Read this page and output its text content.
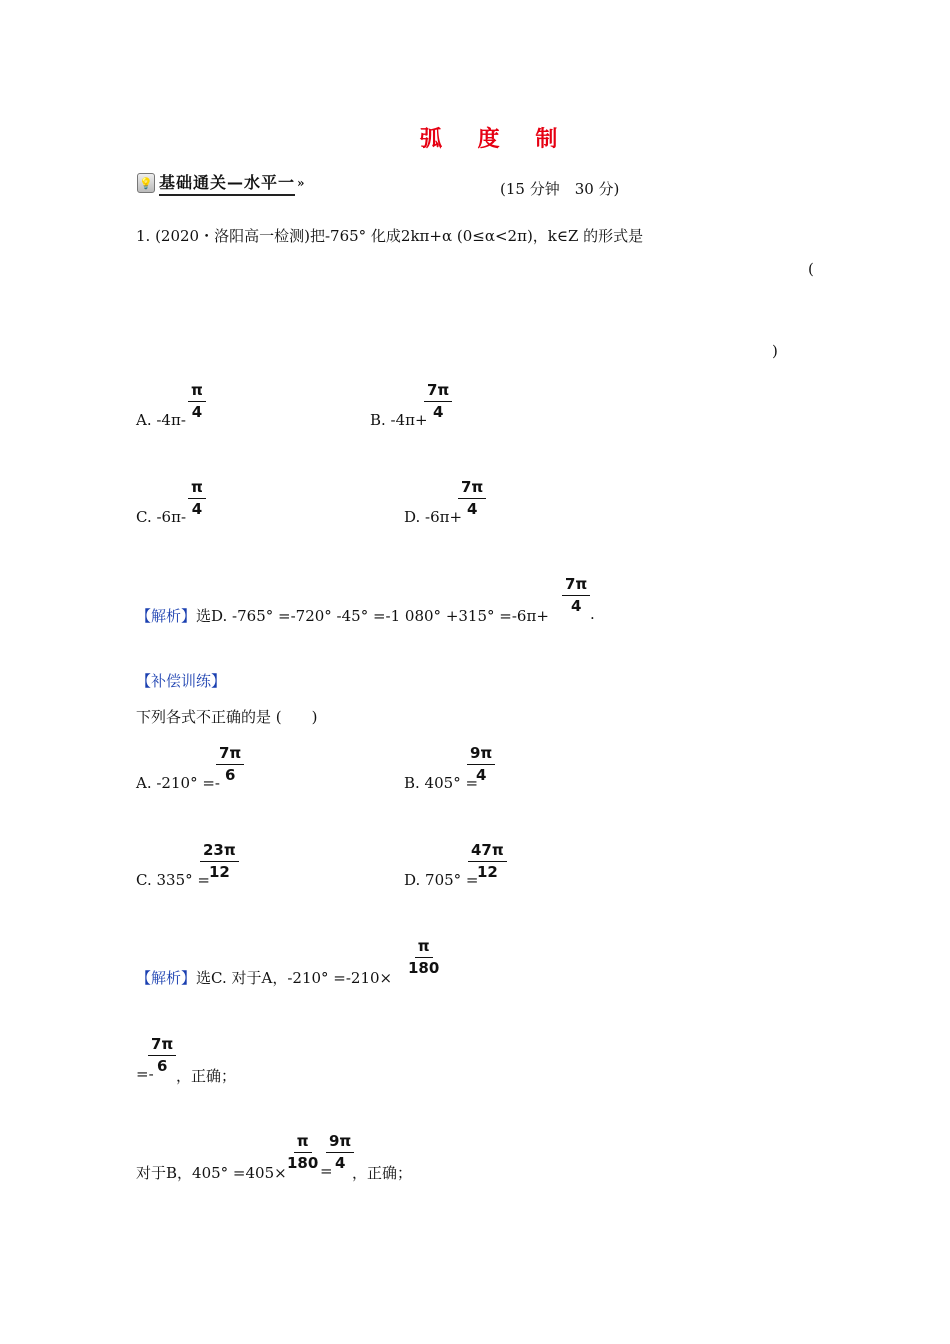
弧 度 制
💡 基础通关—水平一 »	(15 分钟　30 分)
1. (2020・洛阳高一检测)把-765° 化成2kπ+α (0≤α<2π)，k∈Z 的形式是
(
)
A. $-4\pi- \frac{\pi}{4}$	B. -4π+
$\frac{7\pi}{4}$
C. $-6\pi- \frac{\pi}{4}$	D. -6π+
$\frac{7\pi}{4}$
【解析】选D. -765° =-720° -45° =-1 080° +315° =-6π+
$\frac{7\pi}{4}$ .
【补偿训练】
下列各式不正确的是 (　　)
A. -210° =-
$\frac{7\pi}{6}$	B. 405° =
$\frac{9\pi}{4}$
C. 335° =
$\frac{23\pi}{12}$	D. 705° =
$\frac{47\pi}{12}$
【解析】选C. 对于A，-210° =-210×
$\frac{\pi}{180}$
=-
$\frac{7\pi}{6}$
，正确；
对于B，405° =405×
$\frac{\pi}{180}$ =
$\frac{9\pi}{4}$
，正确；
